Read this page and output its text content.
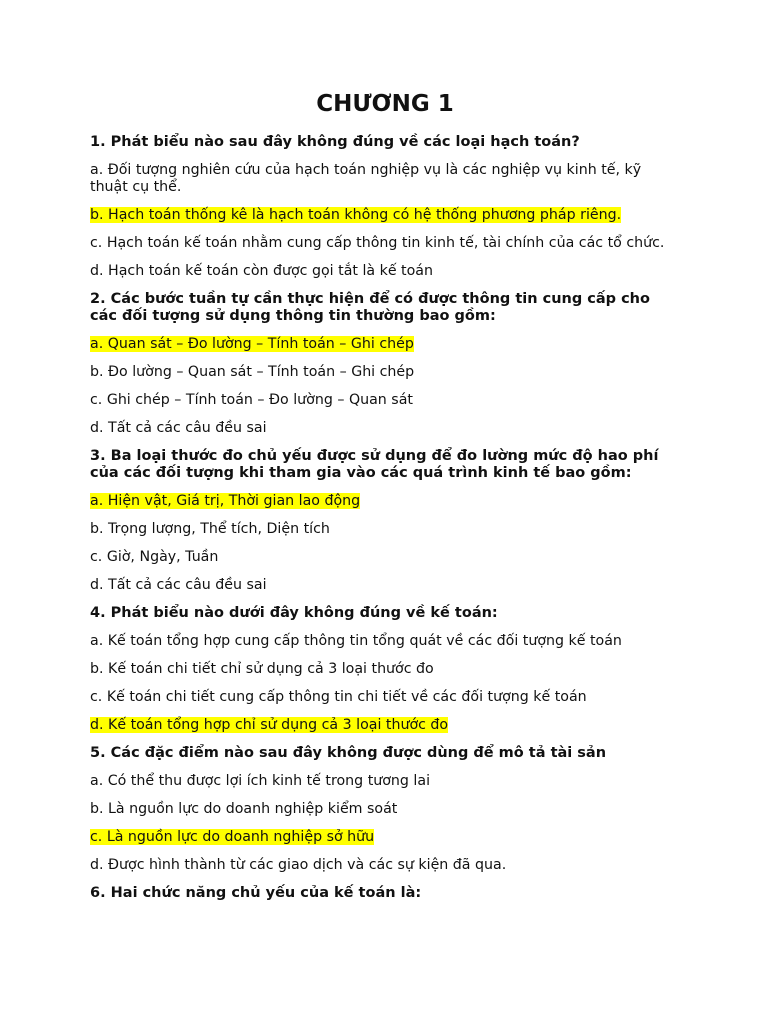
CHƯƠNG 1
1. Phát biểu nào sau đây không đúng về các loại hạch toán?
a. Đối tượng nghiên cứu của hạch toán nghiệp vụ là các nghiệp vụ kinh tế, kỹ thuật cụ thể.
b. Hạch toán thống kê là hạch toán không có hệ thống phương pháp riêng.
c. Hạch toán kế toán nhằm cung cấp thông tin kinh tế, tài chính của các tổ chức.
d. Hạch toán kế toán còn được gọi tắt là kế toán
2. Các bước tuần tự cần thực hiện để có được thông tin cung cấp cho các đối tượng sử dụng thông tin thường bao gồm:
a. Quan sát – Đo lường – Tính toán – Ghi chép
b. Đo lường – Quan sát – Tính toán – Ghi chép
c. Ghi chép – Tính toán – Đo lường – Quan sát
d. Tất cả các câu đều sai
3. Ba loại thước đo chủ yếu được sử dụng để đo lường mức độ hao phí của các đối tượng khi tham gia vào các quá trình kinh tế bao gồm:
a. Hiện vật, Giá trị, Thời gian lao động
b. Trọng lượng, Thể tích, Diện tích
c. Giờ, Ngày, Tuần
d. Tất cả các câu đều sai
4. Phát biểu nào dưới đây không đúng về kế toán:
a. Kế toán tổng hợp cung cấp thông tin tổng quát về các đối tượng kế toán
b. Kế toán chi tiết chỉ sử dụng cả 3 loại thước đo
c. Kế toán chi tiết cung cấp thông tin chi tiết về các đối tượng kế toán
d. Kế toán tổng hợp chỉ sử dụng cả 3 loại thước đo
5. Các đặc điểm nào sau đây không được dùng để mô tả tài sản
a. Có thể thu được lợi ích kinh tế trong tương lai
b. Là nguồn lực do doanh nghiệp kiểm soát
c. Là nguồn lực do doanh nghiệp sở hữu
d. Được hình thành từ các giao dịch và các sự kiện đã qua.
6. Hai chức năng chủ yếu của kế toán là:
